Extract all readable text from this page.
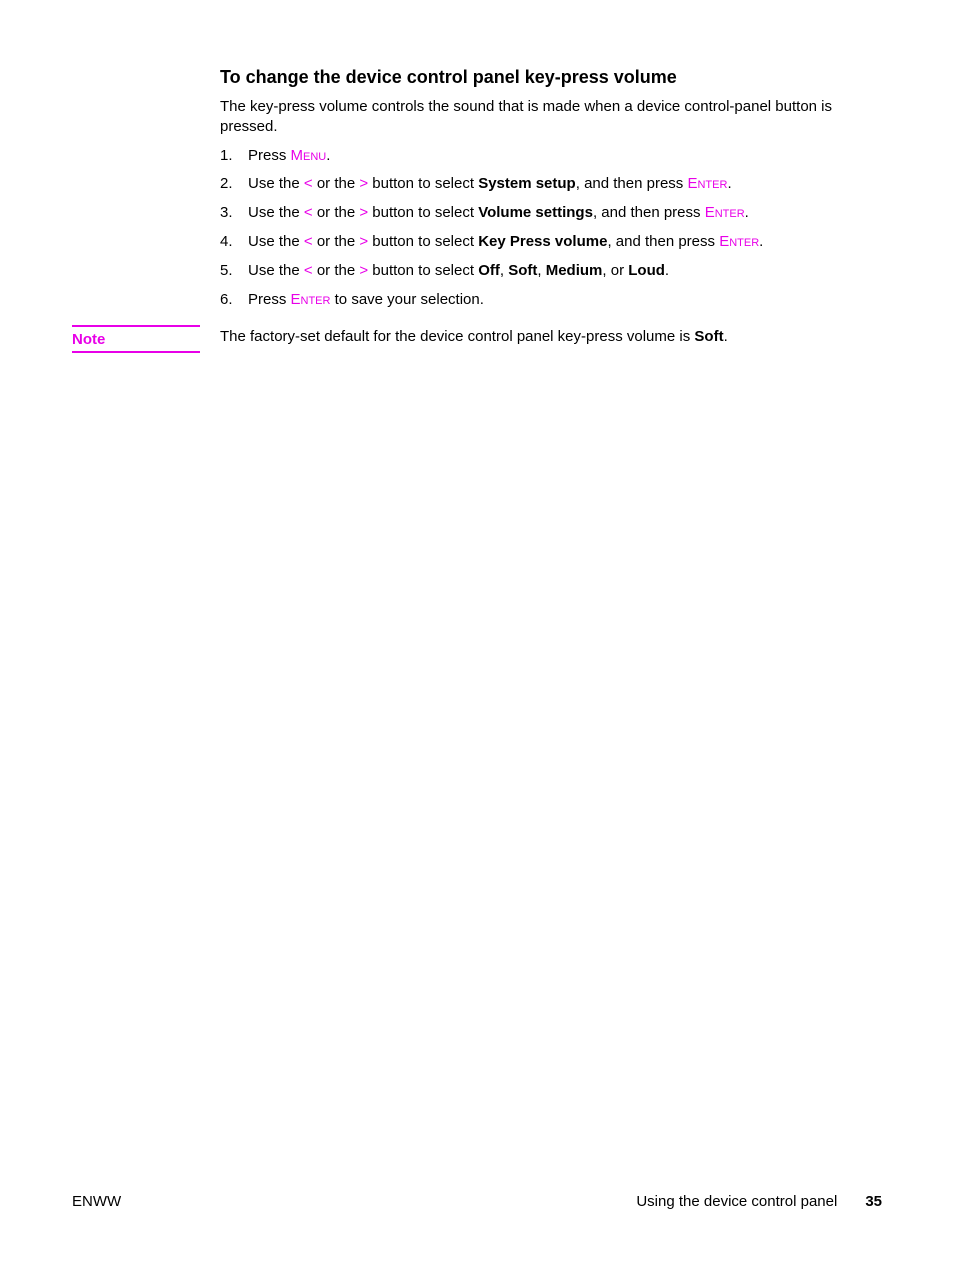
To change the device control panel key-press volume

The key-press volume controls the sound that is made when a device control-panel button is pressed.

1. Press Menu.
2. Use the < or the > button to select System setup, and then press Enter.
3. Use the < or the > button to select Volume settings, and then press Enter.
4. Use the < or the > button to select Key Press volume, and then press Enter.
5. Use the < or the > button to select Off, Soft, Medium, or Loud.
6. Press Enter to save your selection.
Note	The factory-set default for the device control panel key-press volume is Soft.
ENWW	Using the device control panel 35
